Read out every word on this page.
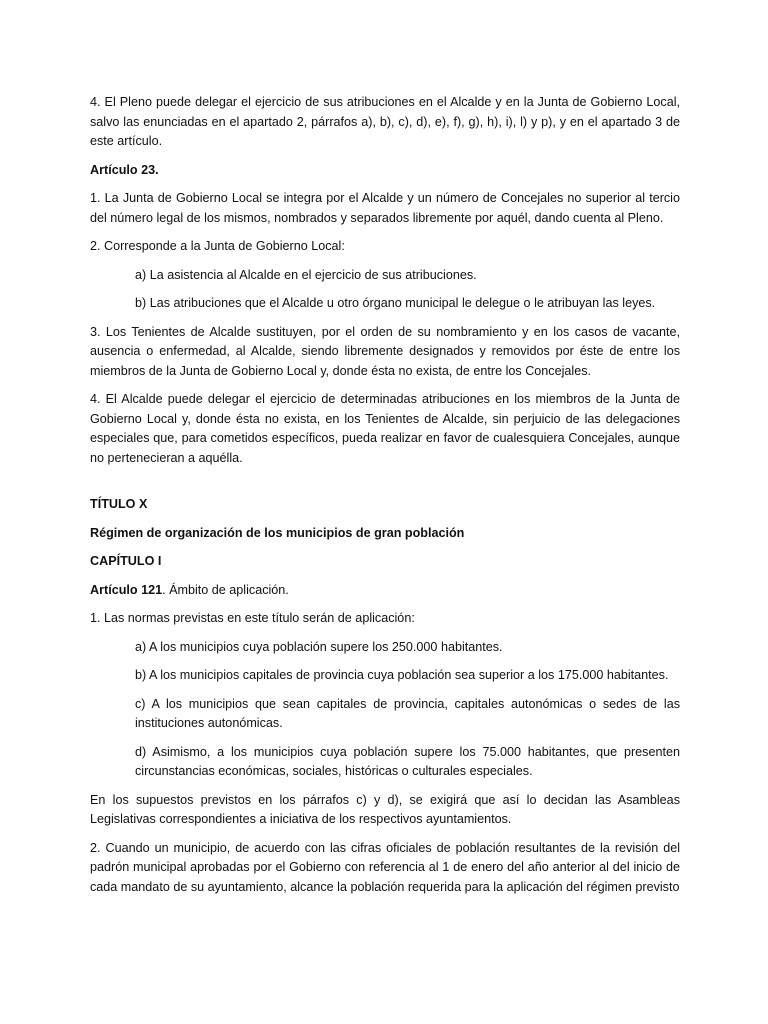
4. El Pleno puede delegar el ejercicio de sus atribuciones en el Alcalde y en la Junta de Gobierno Local, salvo las enunciadas en el apartado 2, párrafos a), b), c), d), e), f), g), h), i), l) y p), y en el apartado 3 de este artículo.

Artículo 23.

1. La Junta de Gobierno Local se integra por el Alcalde y un número de Concejales no superior al tercio del número legal de los mismos, nombrados y separados libremente por aquél, dando cuenta al Pleno.

2. Corresponde a la Junta de Gobierno Local:

a) La asistencia al Alcalde en el ejercicio de sus atribuciones.

b) Las atribuciones que el Alcalde u otro órgano municipal le delegue o le atribuyan las leyes.

3. Los Tenientes de Alcalde sustituyen, por el orden de su nombramiento y en los casos de vacante, ausencia o enfermedad, al Alcalde, siendo libremente designados y removidos por éste de entre los miembros de la Junta de Gobierno Local y, donde ésta no exista, de entre los Concejales.

4. El Alcalde puede delegar el ejercicio de determinadas atribuciones en los miembros de la Junta de Gobierno Local y, donde ésta no exista, en los Tenientes de Alcalde, sin perjuicio de las delegaciones especiales que, para cometidos específicos, pueda realizar en favor de cualesquiera Concejales, aunque no pertenecieran a aquélla.

TÍTULO X

Régimen de organización de los municipios de gran población

CAPÍTULO I

Artículo 121. Ámbito de aplicación.

1. Las normas previstas en este título serán de aplicación:

a) A los municipios cuya población supere los 250.000 habitantes.

b) A los municipios capitales de provincia cuya población sea superior a los 175.000 habitantes.

c) A los municipios que sean capitales de provincia, capitales autonómicas o sedes de las instituciones autonómicas.

d) Asimismo, a los municipios cuya población supere los 75.000 habitantes, que presenten circunstancias económicas, sociales, históricas o culturales especiales.

En los supuestos previstos en los párrafos c) y d), se exigirá que así lo decidan las Asambleas Legislativas correspondientes a iniciativa de los respectivos ayuntamientos.

2. Cuando un municipio, de acuerdo con las cifras oficiales de población resultantes de la revisión del padrón municipal aprobadas por el Gobierno con referencia al 1 de enero del año anterior al del inicio de cada mandato de su ayuntamiento, alcance la población requerida para la aplicación del régimen previsto
